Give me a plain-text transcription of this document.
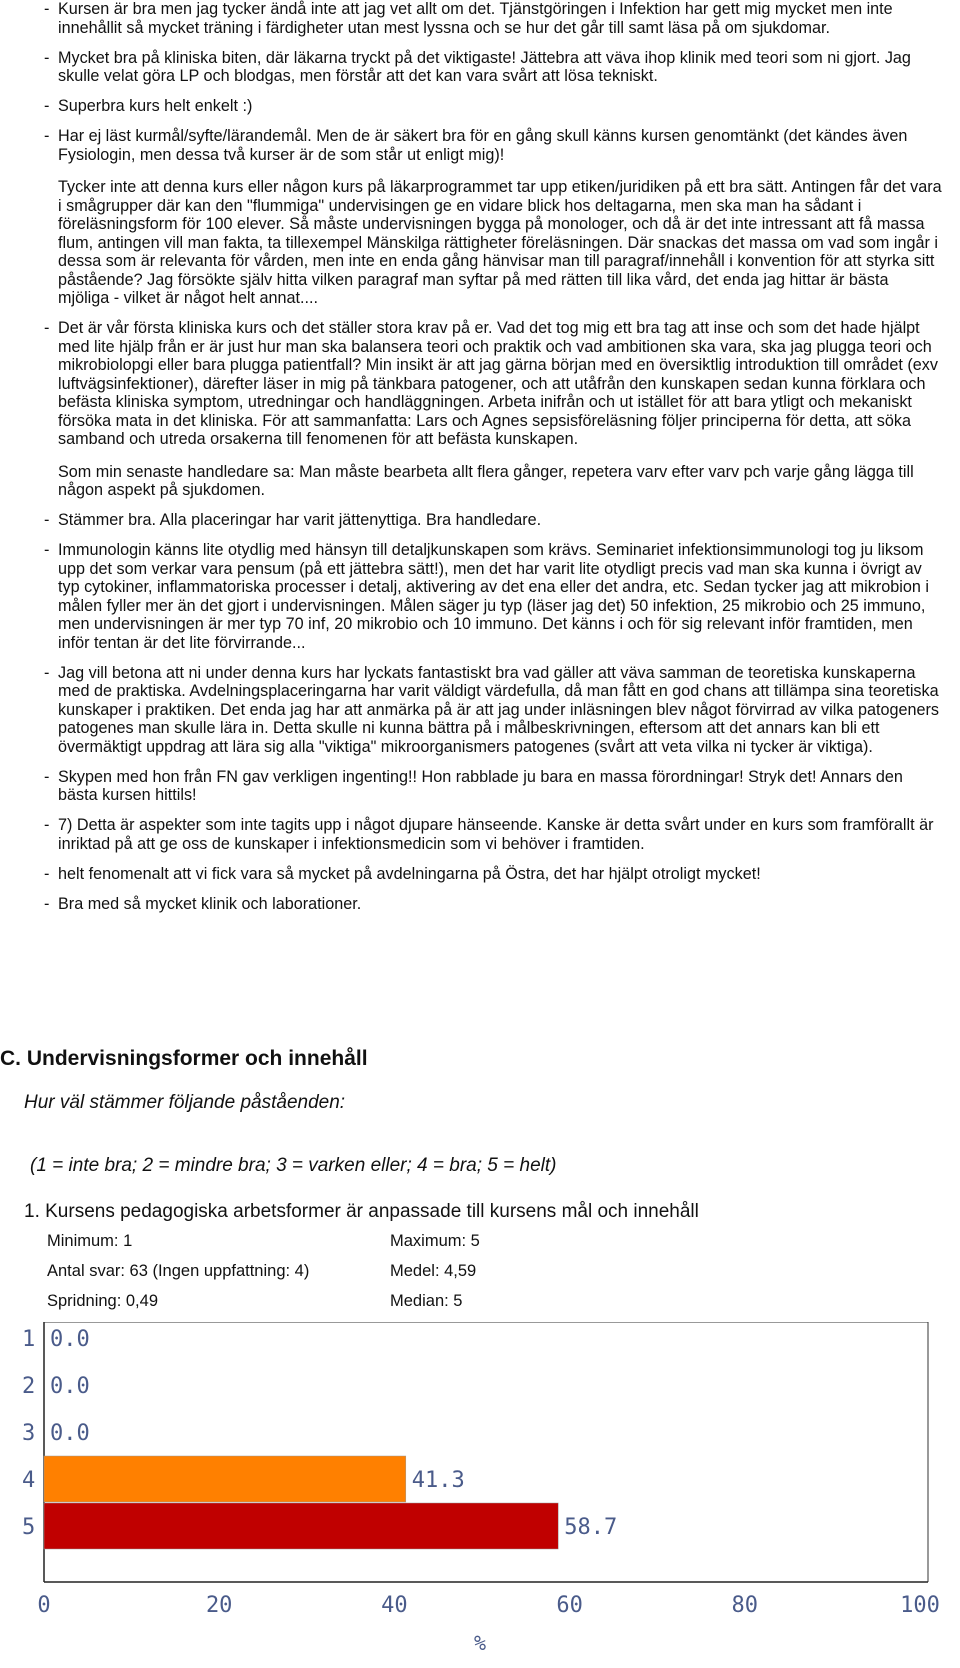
- Kursen är bra men jag tycker ändå inte att jag vet allt om det. Tjänstgöringen i Infektion har gett mig mycket men inte innehållit så mycket träning i färdigheter utan mest lyssna och se hur det går till samt läsa på om sjukdomar.

- Mycket bra på kliniska biten, där läkarna tryckt på det viktigaste! Jättebra att väva ihop klinik med teori som ni gjort. Jag skulle velat göra LP och blodgas, men förstår att det kan vara svårt att lösa tekniskt.

- Superbra kurs helt enkelt :)

- Har ej läst kurmål/syfte/lärandemål. Men de är säkert bra för en gång skull känns kursen genomtänkt (det kändes även Fysiologin, men dessa två kurser är de som står ut enligt mig)!

Tycker inte att denna kurs eller någon kurs på läkarprogrammet tar upp etiken/juridiken på ett bra sätt. Antingen får det vara i smågrupper där kan den "flummiga" undervisingen ge en vidare blick hos deltagarna, men ska man ha sådant i föreläsningsform för 100 elever. Så måste undervisningen bygga på monologer, och då är det inte intressant att få massa flum, antingen vill man fakta, ta tillexempel Mänskilga rättigheter föreläsningen. Där snackas det massa om vad som ingår i dessa som är relevanta för vården, men inte en enda gång hänvisar man till paragraf/innehåll i konvention för att styrka sitt påstående? Jag försökte själv hitta vilken paragraf man syftar på med rätten till lika vård, det enda jag hittar är bästa mjöliga - vilket är något helt annat....

- Det är vår första kliniska kurs och det ställer stora krav på er. Vad det tog mig ett bra tag att inse och som det hade hjälpt med lite hjälp från er är just hur man ska balansera teori och praktik och vad ambitionen ska vara, ska jag plugga teori och mikrobiolopgi eller bara plugga patientfall? Min insikt är att jag gärna början med en översiktlig introduktion till området (exv luftvägsinfektioner), därefter läser in mig på tänkbara patogener, och att utåfrån den kunskapen sedan kunna förklara och befästa kliniska symptom, utredningar och handläggningen. Arbeta inifrån och ut istället för att bara ytligt och mekaniskt försöka mata in det kliniska. För att sammanfatta: Lars och Agnes sepsisföreläsning följer principerna för detta, att söka samband och utreda orsakerna till fenomenen för att befästa kunskapen.

Som min senaste handledare sa: Man måste bearbeta allt flera gånger, repetera varv efter varv pch varje gång lägga till någon aspekt på sjukdomen.

- Stämmer bra. Alla placeringar har varit jättenyttiga. Bra handledare.

- Immunologin känns lite otydlig med hänsyn till detaljkunskapen som krävs. Seminariet infektionsimmunologi tog ju liksom upp det som verkar vara pensum (på ett jättebra sätt!), men det har varit lite otydligt precis vad man ska kunna i övrigt av typ cytokiner, inflammatoriska processer i detalj, aktivering av det ena eller det andra, etc. Sedan tycker jag att mikrobion i målen fyller mer än det gjort i undervisningen. Målen säger ju typ (läser jag det) 50 infektion, 25 mikrobio och 25 immuno, men undervisningen är mer typ 70 inf, 20 mikrobio och 10 immuno. Det känns i och för sig relevant inför framtiden, men inför tentan är det lite förvirrande...

- Jag vill betona att ni under denna kurs har lyckats fantastiskt bra vad gäller att väva samman de teoretiska kunskaperna med de praktiska. Avdelningsplaceringarna har varit väldigt värdefulla, då man fått en god chans att tillämpa sina teoretiska kunskaper i praktiken. Det enda jag har att anmärka på är att jag under inläsningen blev något förvirrad av vilka patogeners patogenes man skulle lära in. Detta skulle ni kunna bättra på i målbeskrivningen, eftersom att det annars kan bli ett övermäktigt uppdrag att lära sig alla "viktiga" mikroorganismers patogenes (svårt att veta vilka ni tycker är viktiga).

- Skypen med hon från FN gav verkligen ingenting!! Hon rabblade ju bara en massa förordningar! Stryk det! Annars den bästa kursen hittils!

- 7) Detta är aspekter som inte tagits upp i något djupare hänseende. Kanske är detta svårt under en kurs som framförallt är inriktad på att ge oss de kunskaper i infektionsmedicin som vi behöver i framtiden.

- helt fenomenalt att vi fick vara så mycket på avdelningarna på Östra, det har hjälpt otroligt mycket!

- Bra med så mycket klinik och laborationer.

C. Undervisningsformer och innehåll
Hur väl stämmer följande påståenden:
(1 = inte bra; 2 = mindre bra; 3 = varken eller; 4 = bra; 5 = helt)
1. Kursens pedagogiska arbetsformer är anpassade till kursens mål och innehåll
Minimum: 1	Maximum: 5
Antal svar: 63 (Ingen uppfattning: 4)	Medel: 4,59
Spridning: 0,49	Median: 5
1 0.0
2 0.0
3 0.0
4	41.3
5	58.7
0	20	40	60	80	100
%
